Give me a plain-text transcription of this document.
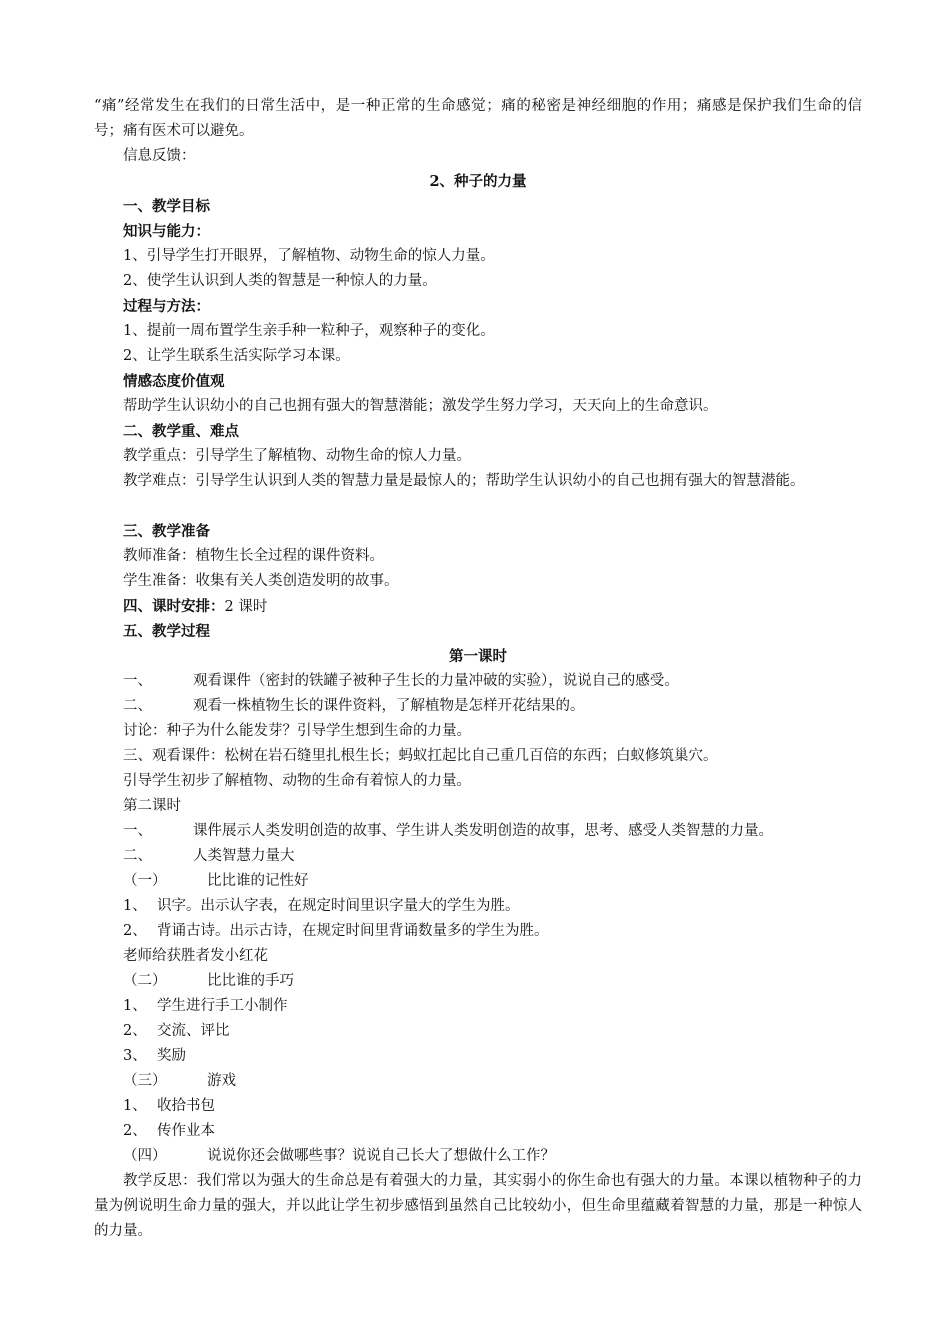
“痛”经常发生在我们的日常生活中，是一种正常的生命感觉；痛的秘密是神经细胞的作用；痛感是保护我们生命的信号；痛有医术可以避免。
信息反馈：
2、种子的力量
一、教学目标
知识与能力：
1、引导学生打开眼界，了解植物、动物生命的惊人力量。
2、使学生认识到人类的智慧是一种惊人的力量。
过程与方法：
1、提前一周布置学生亲手种一粒种子，观察种子的变化。
2、让学生联系生活实际学习本课。
情感态度价值观
帮助学生认识幼小的自己也拥有强大的智慧潜能；激发学生努力学习，天天向上的生命意识。
二、教学重、难点
教学重点：引导学生了解植物、动物生命的惊人力量。
教学难点：引导学生认识到人类的智慧力量是最惊人的；帮助学生认识幼小的自己也拥有强大的智慧潜能。
三、教学准备
教师准备：植物生长全过程的课件资料。
学生准备：收集有关人类创造发明的故事。
四、课时安排：2 课时
五、教学过程
第一课时
一、	观看课件（密封的铁罐子被种子生长的力量冲破的实验），说说自己的感受。
二、	观看一株植物生长的课件资料，了解植物是怎样开花结果的。
讨论：种子为什么能发芽？引导学生想到生命的力量。
三、观看课件：松树在岩石缝里扎根生长；蚂蚁扛起比自己重几百倍的东西；白蚁修筑巢穴。
引导学生初步了解植物、动物的生命有着惊人的力量。
第二课时
一、	课件展示人类发明创造的故事、学生讲人类发明创造的故事，思考、感受人类智慧的力量。
二、	人类智慧力量大
（一）	比比谁的记性好
1、 识字。出示认字表，在规定时间里识字量大的学生为胜。
2、 背诵古诗。出示古诗，在规定时间里背诵数量多的学生为胜。
老师给获胜者发小红花
（二）	比比谁的手巧
1、 学生进行手工小制作
2、 交流、评比
3、 奖励
（三）	游戏
1、 收拾书包
2、 传作业本
（四）	说说你还会做哪些事？说说自己长大了想做什么工作？
教学反思：我们常以为强大的生命总是有着强大的力量，其实弱小的你生命也有强大的力量。本课以植物种子的力量为例说明生命力量的强大，并以此让学生初步感悟到虽然自己比较幼小，但生命里蕴藏着智慧的力量，那是一种惊人的力量。
